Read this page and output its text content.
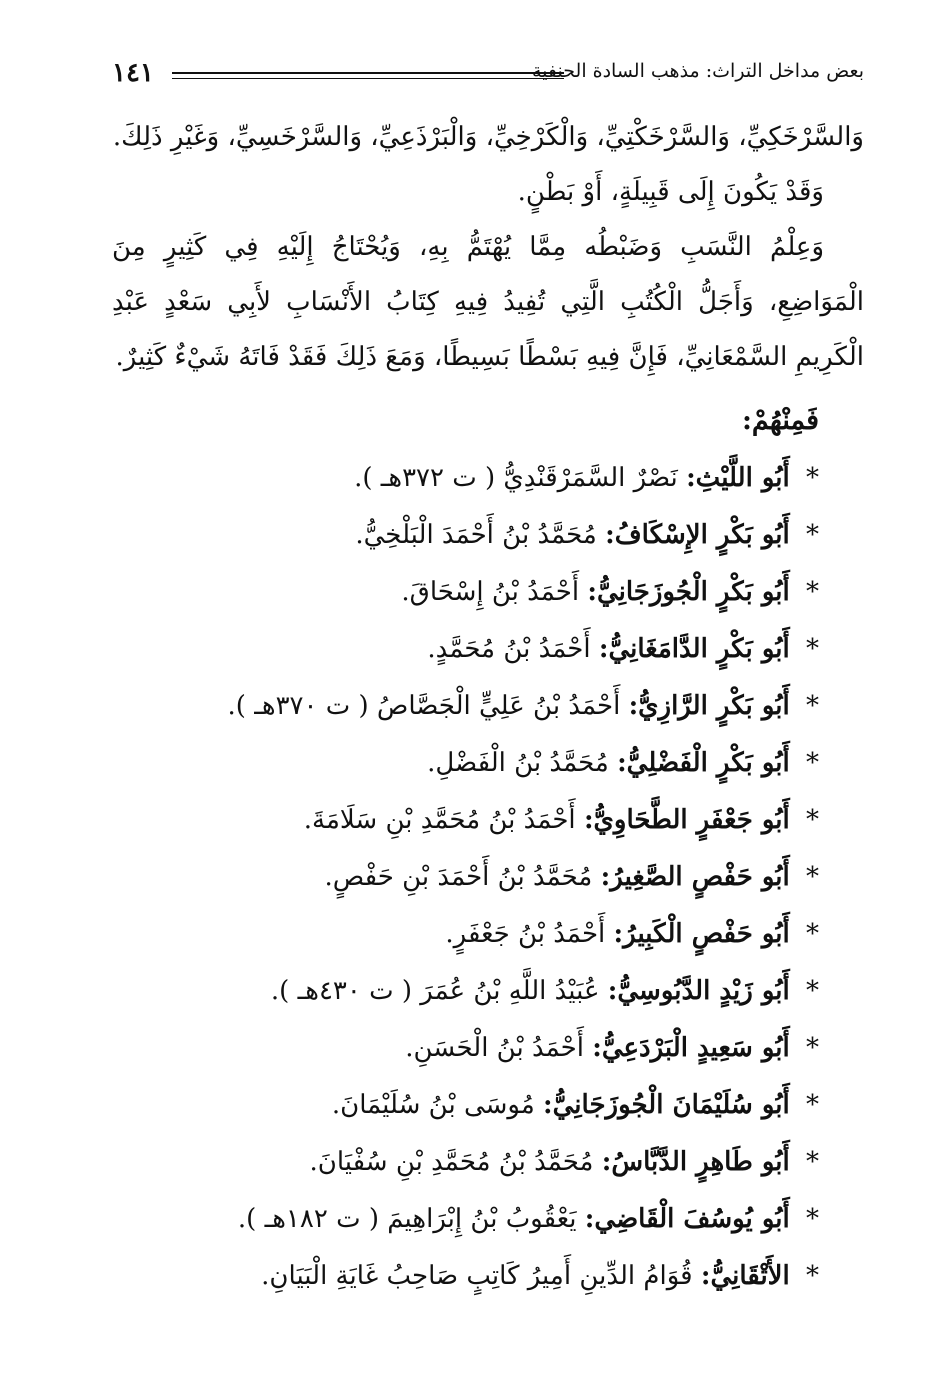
بعض مداخل التراث: مذهب السادة الحنفية
١٤١

وَالسَّرْخَكِيِّ، وَالسَّرْخَكْتِيِّ، وَالْكَرْخِيِّ، وَالْبَرْذَعِيِّ، وَالسَّرْخَسِيِّ، وَغَيْرِ ذَلِكَ.

وَقَدْ يَكُونَ إِلَى قَبِيلَةٍ، أَوْ بَطْنٍ.

وَعِلْمُ النَّسَبِ وَضَبْطُه مِمَّا يُهْتَمُّ بِهِ، وَيُحْتَاجُ إِلَيْهِ فِي كَثِيرٍ مِنَ الْمَوَاضِعِ، وَأَجَلُّ الْكُتُبِ الَّتِي تُفِيدُ فِيهِ كِتَابُ الأَنْسَابِ لأَبِي سَعْدٍ عَبْدِ الْكَرِيمِ السَّمْعَانِيِّ، فَإِنَّ فِيهِ بَسْطًا بَسِيطًا، وَمَعَ ذَلِكَ فَقَدْ فَاتَهُ شَيْءٌ كَثِيرٌ.

فَمِنْهُمْ:
* أَبُو اللَّيْثِ: نَصْرٌ السَّمَرْقَنْدِيُّ ( ت ٣٧٢هـ ).
* أَبُو بَكْرٍ الإِسْكَافُ: مُحَمَّدُ بْنُ أَحْمَدَ الْبَلْخِيُّ.
* أَبُو بَكْرٍ الْجُوزَجَانِيُّ: أَحْمَدُ بْنُ إِسْحَاقَ.
* أَبُو بَكْرٍ الدَّامَغَانِيُّ: أَحْمَدُ بْنُ مُحَمَّدٍ.
* أَبُو بَكْرٍ الرَّازِيُّ: أَحْمَدُ بْنُ عَلِيٍّ الْجَصَّاصُ ( ت ٣٧٠هـ ).
* أَبُو بَكْرٍ الْفَضْلِيُّ: مُحَمَّدُ بْنُ الْفَضْلِ.
* أَبُو جَعْفَرٍ الطَّحَاوِيُّ: أَحْمَدُ بْنُ مُحَمَّدِ بْنِ سَلَامَةَ.
* أَبُو حَفْصٍ الصَّغِيرُ: مُحَمَّدُ بْنُ أَحْمَدَ بْنِ حَفْصٍ.
* أَبُو حَفْصٍ الْكَبِيرُ: أَحْمَدُ بْنُ جَعْفَرٍ.
* أَبُو زَيْدٍ الدَّبُوسِيُّ: عُبَيْدُ اللَّهِ بْنُ عُمَرَ ( ت ٤٣٠هـ ).
* أَبُو سَعِيدٍ الْبَرْدَعِيُّ: أَحْمَدُ بْنُ الْحَسَنِ.
* أَبُو سُلَيْمَانَ الْجُوزَجَانِيُّ: مُوسَى بْنُ سُلَيْمَانَ.
* أَبُو طَاهِرٍ الدَّبَّاسُ: مُحَمَّدُ بْنُ مُحَمَّدِ بْنِ سُفْيَانَ.
* أَبُو يُوسُفَ الْقَاضِي: يَعْقُوبُ بْنُ إِبْرَاهِيمَ ( ت ١٨٢هـ ).
* الأَتْقَانِيُّ: قُوَامُ الدِّينِ أَمِيرُ كَاتِبٍ صَاحِبُ غَايَةِ الْبَيَانِ.
